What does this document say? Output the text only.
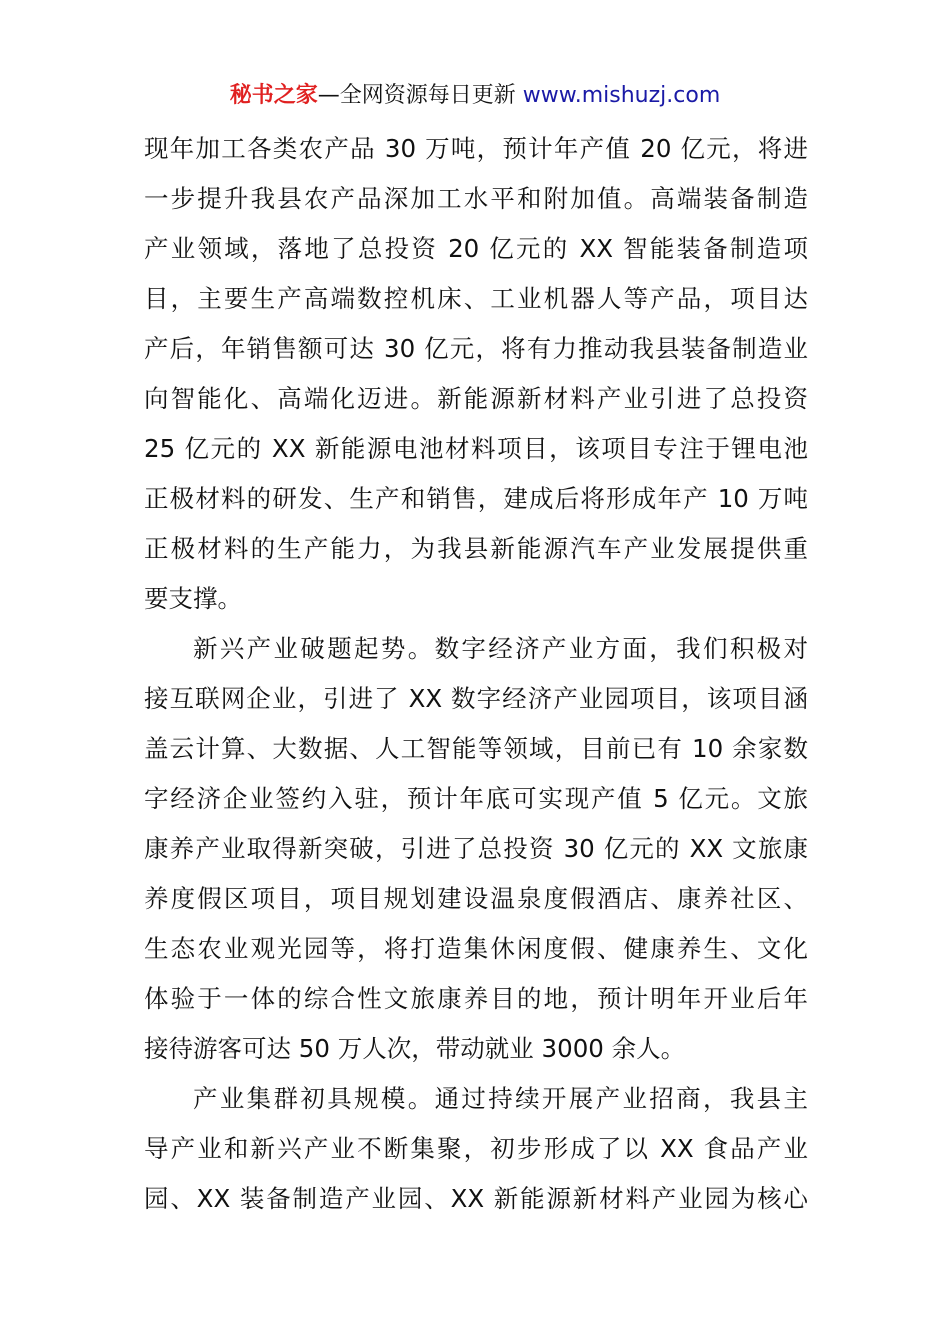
秘书之家—全网资源每日更新 www.mishuzj.com
现年加工各类农产品 30 万吨，预计年产值 20 亿元，将进
一步提升我县农产品深加工水平和附加值。高端装备制造
产业领域，落地了总投资 20 亿元的 XX 智能装备制造项
目，主要生产高端数控机床、工业机器人等产品，项目达
产后，年销售额可达 30 亿元，将有力推动我县装备制造业
向智能化、高端化迈进。新能源新材料产业引进了总投资
25 亿元的 XX 新能源电池材料项目，该项目专注于锂电池
正极材料的研发、生产和销售，建成后将形成年产 10 万吨
正极材料的生产能力，为我县新能源汽车产业发展提供重
要支撑。
新兴产业破题起势。数字经济产业方面，我们积极对
接互联网企业，引进了 XX 数字经济产业园项目，该项目涵
盖云计算、大数据、人工智能等领域，目前已有 10 余家数
字经济企业签约入驻，预计年底可实现产值 5 亿元。文旅
康养产业取得新突破，引进了总投资 30 亿元的 XX 文旅康
养度假区项目，项目规划建设温泉度假酒店、康养社区、
生态农业观光园等，将打造集休闲度假、健康养生、文化
体验于一体的综合性文旅康养目的地，预计明年开业后年
接待游客可达 50 万人次，带动就业 3000 余人。
产业集群初具规模。通过持续开展产业招商，我县主
导产业和新兴产业不断集聚，初步形成了以 XX 食品产业
园、XX 装备制造产业园、XX 新能源新材料产业园为核心
